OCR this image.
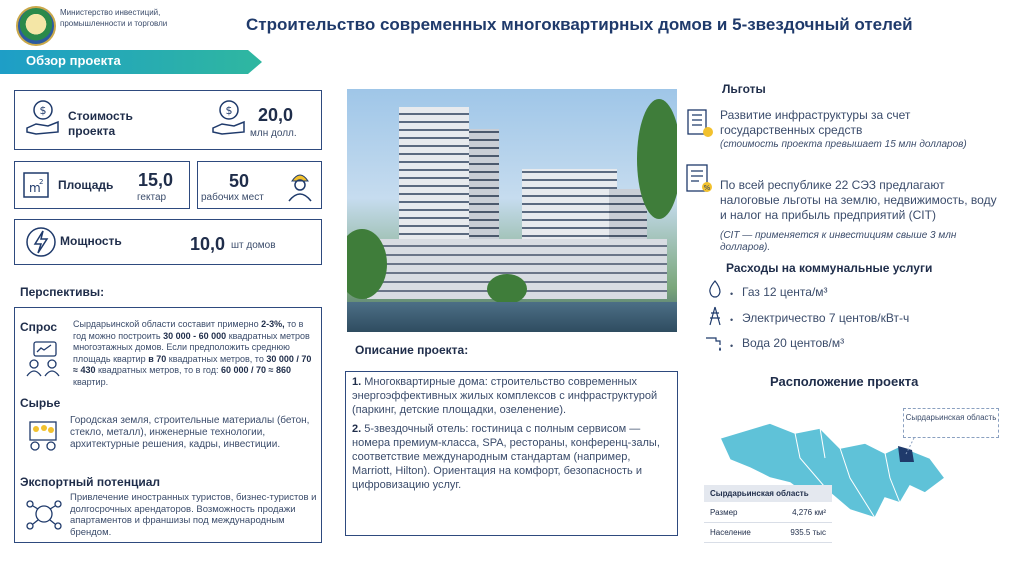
Министерство инвестиций, промышленности и торговли	Строительство современных многоквартирных домов и 5-звездочный отелей
Обзор проекта
$ Стоимость проекта
$ 20,0
млн долл.
m
2 Площадь 15,0
гектар
50
рабочих мест
Мощность	10,0 шт домов
Перспективы:
Спрос Сырдарьинской области составит примерно 2-3%, то в год можно построить 30 000 - 60 000 квадратных метров многоэтажных домов. Если предположить среднюю площадь квартир в 70 квадратных метров, то 30 000 / 70 ≈ 430 квадратных метров, то в год: 60 000 / 70 ≈ 860 квартир.
Сырье
Городская земля, строительные материалы (бетон, стекло, металл), инженерные технологии, архитектурные решения, кадры, инвестиции.
Экспортный потенциал
Привлечение иностранных туристов, бизнес-туристов и долгосрочных арендаторов. Возможность продажи апартаментов и франшизы под международным брендом.
Описание проекта:

1. Многоквартирные дома: строительство современных энергоэффективных жилых комплексов с инфраструктурой (паркинг, детские площадки, озеленение).

2. 5-звездочный отель: гостиница с полным сервисом — номера премиум-класса, SPA, рестораны, конференц-залы, соответствие международным стандартам (например, Marriott, Hilton). Ориентация на комфорт, безопасность и цифровизацию услуг.

Льготы
Развитие инфраструктуры за счет государственных средств
(стоимость проекта превышает 15 млн долларов)
% По всей республике 22 СЭЗ предлагают налоговые льготы на землю, недвижимость, воду и налог на прибыль предприятий (CIT)
(CIT — применяется к инвестициям свыше 3 млн долларов).
Расходы на коммунальные услуги
• Газ 12 цента/м³
• Электричество 7 центов/кВт-ч
• Вода 20 центов/м³
Расположение проекта
Сырдарьинская область
Сырдарьинская область
Размер	4,276 км²
Население	935.5 тыс
